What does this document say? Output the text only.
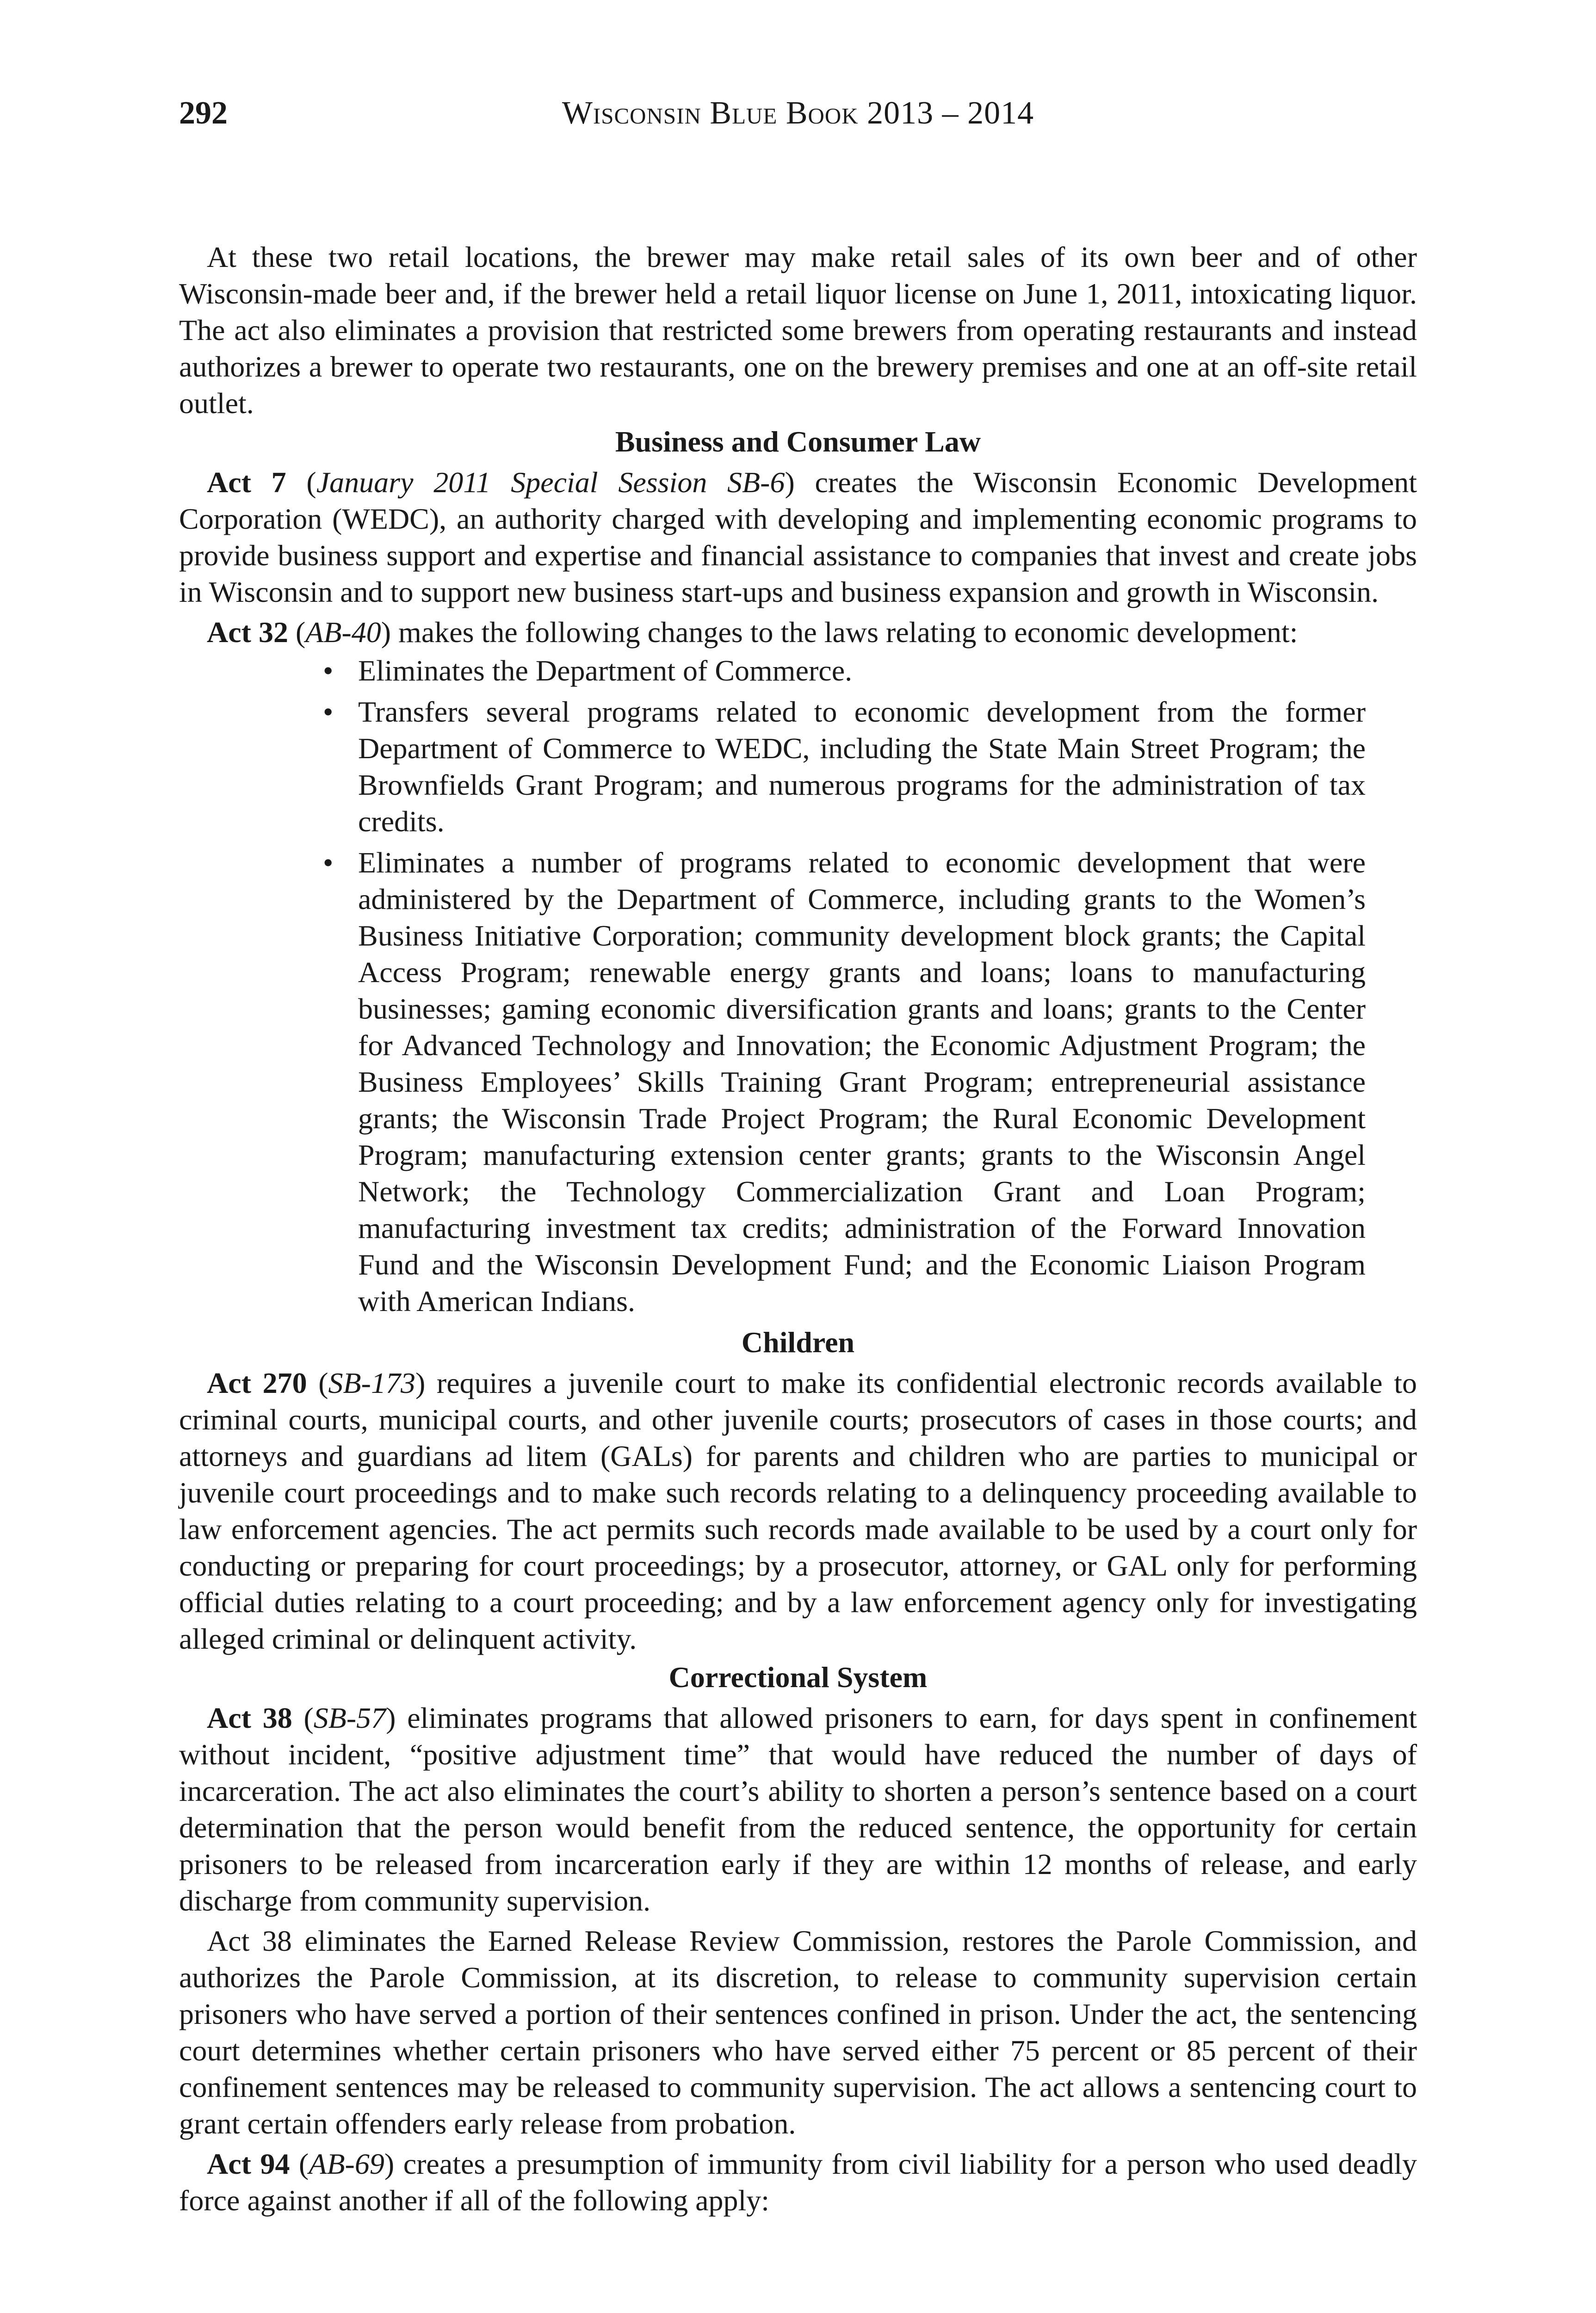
292	Wisconsin Blue Book 2013 – 2014

At these two retail locations, the brewer may make retail sales of its own beer and of other Wisconsin-made beer and, if the brewer held a retail liquor license on June 1, 2011, intoxicating liquor. The act also eliminates a provision that restricted some brewers from operating restaurants and instead authorizes a brewer to operate two restaurants, one on the brewery premises and one at an off-site retail outlet.

Business and Consumer Law

Act 7 (January 2011 Special Session SB-6) creates the Wisconsin Economic Development Corporation (WEDC), an authority charged with developing and implementing economic programs to provide business support and expertise and financial assistance to companies that invest and create jobs in Wisconsin and to support new business start-ups and business expansion and growth in Wisconsin.

Act 32 (AB-40) makes the following changes to the laws relating to economic development:

• Eliminates the Department of Commerce.
• Transfers several programs related to economic development from the former Department of Commerce to WEDC, including the State Main Street Program; the Brownfields Grant Program; and numerous programs for the administration of tax credits.
• Eliminates a number of programs related to economic development that were administered by the Department of Commerce, including grants to the Women’s Business Initiative Corporation; community development block grants; the Capital Access Program; renewable energy grants and loans; loans to manufacturing businesses; gaming economic diversification grants and loans; grants to the Center for Advanced Technology and Innovation; the Economic Adjustment Program; the Business Employees’ Skills Training Grant Program; entrepreneurial assistance grants; the Wisconsin Trade Project Program; the Rural Economic Development Program; manufacturing extension center grants; grants to the Wisconsin Angel Network; the Technology Commercialization Grant and Loan Program; manufacturing investment tax credits; administration of the Forward Innovation Fund and the Wisconsin Development Fund; and the Economic Liaison Program with American Indians.
Children

Act 270 (SB-173) requires a juvenile court to make its confidential electronic records available to criminal courts, municipal courts, and other juvenile courts; prosecutors of cases in those courts; and attorneys and guardians ad litem (GALs) for parents and children who are parties to municipal or juvenile court proceedings and to make such records relating to a delinquency proceeding available to law enforcement agencies. The act permits such records made available to be used by a court only for conducting or preparing for court proceedings; by a prosecutor, attorney, or GAL only for performing official duties relating to a court proceeding; and by a law enforcement agency only for investigating alleged criminal or delinquent activity.

Correctional System

Act 38 (SB-57) eliminates programs that allowed prisoners to earn, for days spent in confinement without incident, “positive adjustment time” that would have reduced the number of days of incarceration. The act also eliminates the court’s ability to shorten a person’s sentence based on a court determination that the person would benefit from the reduced sentence, the opportunity for certain prisoners to be released from incarceration early if they are within 12 months of release, and early discharge from community supervision.

Act 38 eliminates the Earned Release Review Commission, restores the Parole Commission, and authorizes the Parole Commission, at its discretion, to release to community supervision certain prisoners who have served a portion of their sentences confined in prison. Under the act, the sentencing court determines whether certain prisoners who have served either 75 percent or 85 percent of their confinement sentences may be released to community supervision. The act allows a sentencing court to grant certain offenders early release from probation.

Act 94 (AB-69) creates a presumption of immunity from civil liability for a person who used deadly force against another if all of the following apply:
